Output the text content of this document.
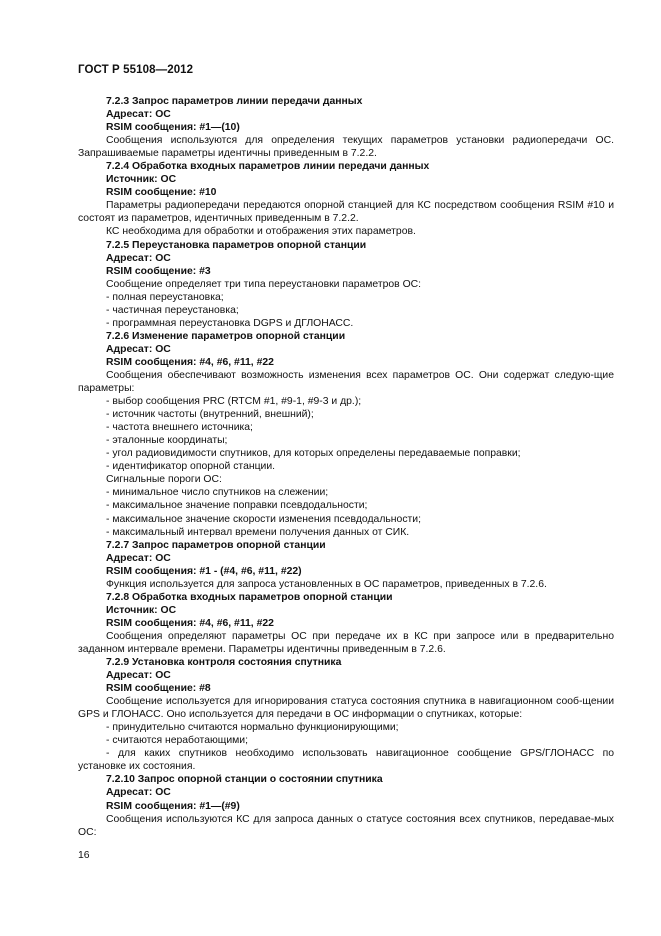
ГОСТ Р 55108—2012

7.2.3 Запрос параметров линии передачи данных

Адресат: ОС

RSIM сообщения: #1—(10)

Сообщения используются для определения текущих параметров установки радиопередачи ОС. Запрашиваемые параметры идентичны приведенным в 7.2.2.

7.2.4 Обработка входных параметров линии передачи данных

Источник: ОС

RSIM сообщение: #10

Параметры радиопередачи передаются опорной станцией для КС посредством сообщения RSIM #10 и состоят из параметров, идентичных приведенным в 7.2.2.

КС необходима для обработки и отображения этих параметров.

7.2.5 Переустановка параметров опорной станции

Адресат: ОС

RSIM сообщение: #3

Сообщение определяет три типа переустановки параметров ОС:

- полная переустановка;

- частичная переустановка;

- программная переустановка DGPS и ДГЛОНАСС.

7.2.6 Изменение параметров опорной станции

Адресат: ОС

RSIM сообщения: #4, #6, #11, #22

Сообщения обеспечивают возможность изменения всех параметров ОС. Они содержат следую-щие параметры:

- выбор сообщения PRC (RTCM #1, #9-1, #9-3 и др.);

- источник частоты (внутренний, внешний);

- частота внешнего источника;

- эталонные координаты;

- угол радиовидимости спутников, для которых определены передаваемые поправки;

- идентификатор опорной станции.

Сигнальные пороги ОС:

- минимальное число спутников на слежении;

- максимальное значение поправки псевдодальности;

- максимальное значение скорости изменения псевдодальности;

- максимальный интервал времени получения данных от СИК.

7.2.7 Запрос параметров опорной станции

Адресат: ОС

RSIM сообщения: #1 - (#4, #6, #11, #22)

Функция используется для запроса установленных в ОС параметров, приведенных в 7.2.6.

7.2.8 Обработка входных параметров опорной станции

Источник: ОС

RSIM сообщения: #4, #6, #11, #22

Сообщения определяют параметры ОС при передаче их в КС при запросе или в предварительно заданном интервале времени. Параметры идентичны приведенным в 7.2.6.

7.2.9 Установка контроля состояния спутника

Адресат: ОС

RSIM сообщение: #8

Сообщение используется для игнорирования статуса состояния спутника в навигационном сооб-щении GPS и ГЛОНАСС. Оно используется для передачи в ОС информации о спутниках, которые:

- принудительно считаются нормально функционирующими;

- считаются неработающими;

- для каких спутников необходимо использовать навигационное сообщение GPS/ГЛОНАСС по установке их состояния.

7.2.10 Запрос опорной станции о состоянии спутника

Адресат: ОС

RSIM сообщения: #1—(#9)

Сообщения используются КС для запроса данных о статусе состояния всех спутников, передавае-мых ОС:

16
